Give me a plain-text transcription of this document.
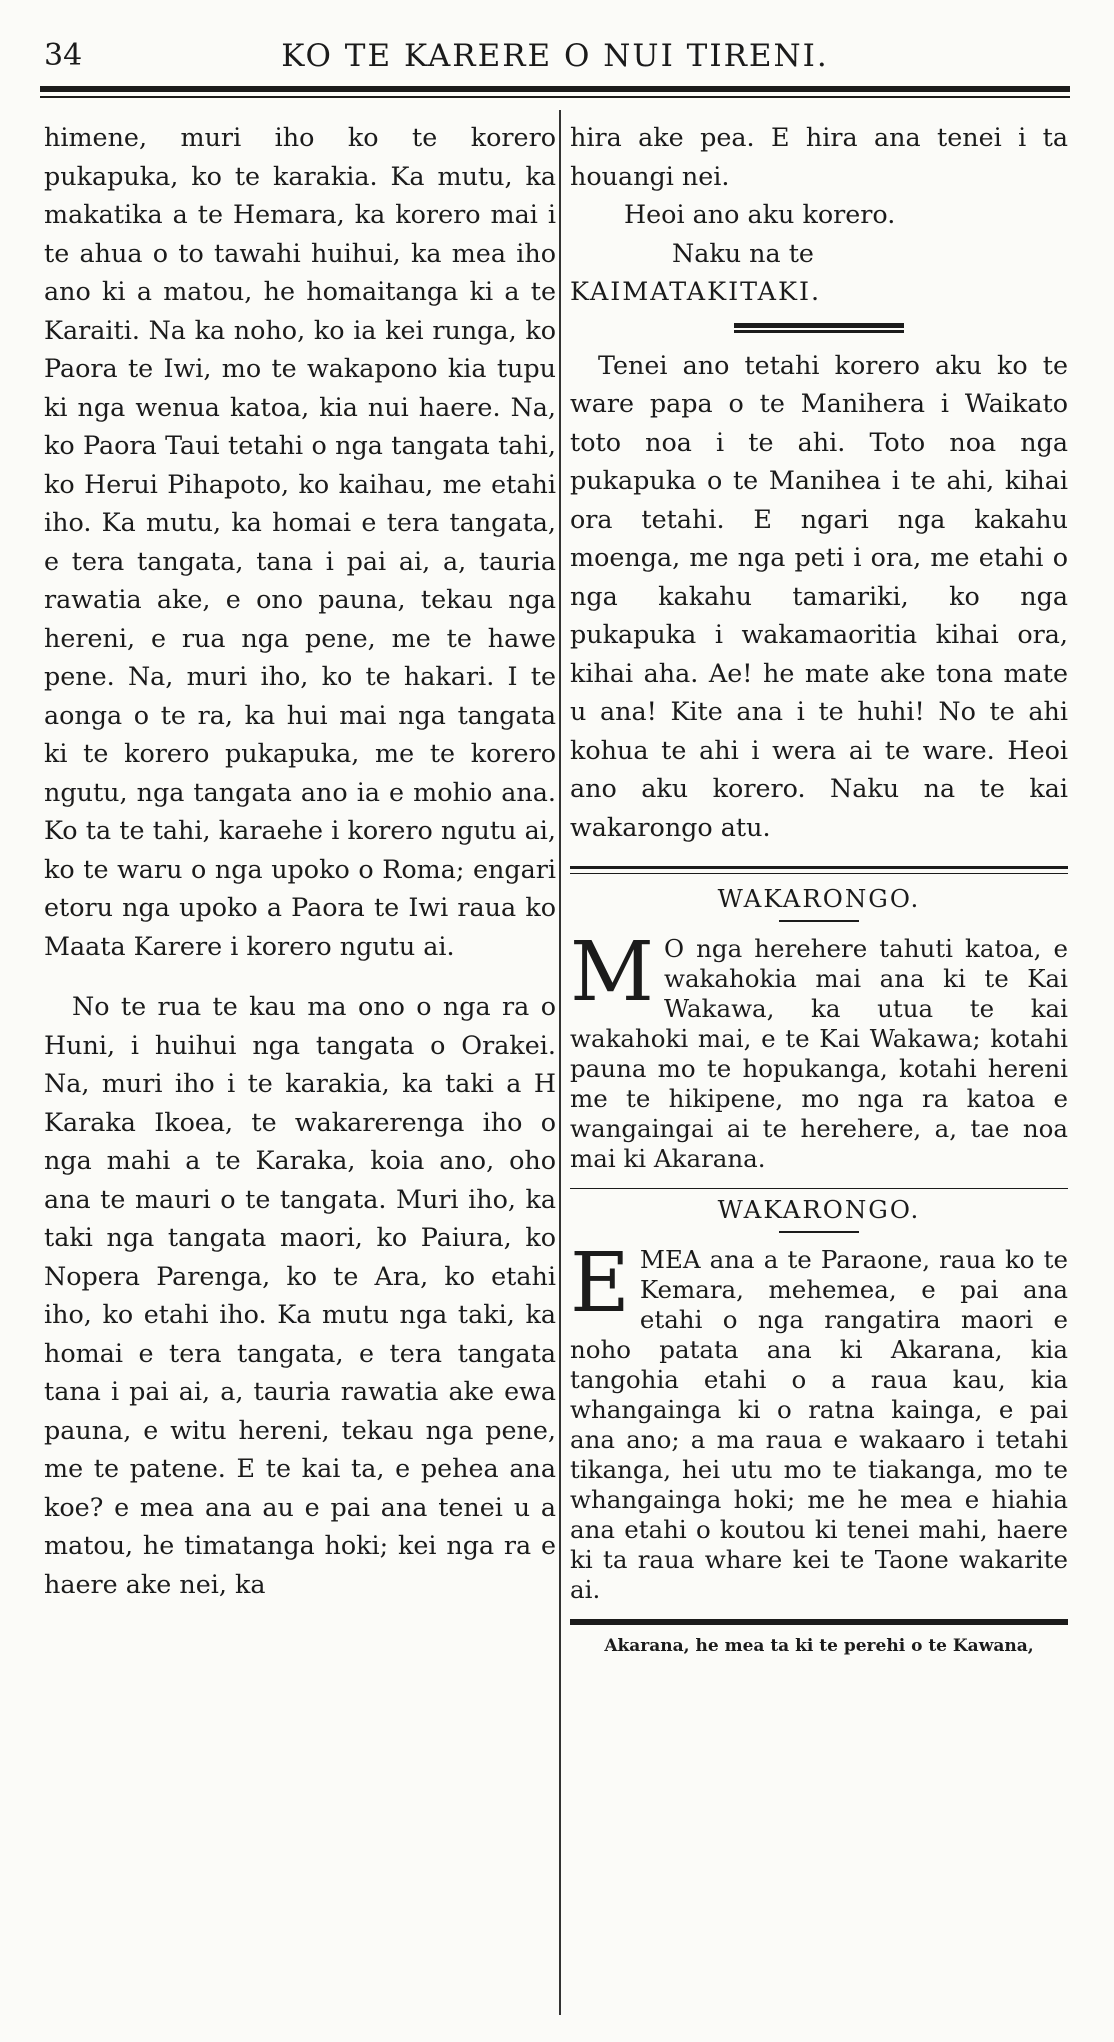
34	KO TE KARERE O NUI TIRENI.

himene, muri iho ko te korero pukapuka, ko te karakia. Ka mutu, ka makatika a te Hemara, ka korero mai i te ahua o to tawahi huihui, ka mea iho ano ki a matou, he homaitanga ki a te Karaiti. Na ka noho, ko ia kei runga, ko Paora te Iwi, mo te wakapono kia tupu ki nga wenua katoa, kia nui haere. Na, ko Paora Taui tetahi o nga tangata tahi, ko Herui Pihapoto, ko kaihau, me etahi iho. Ka mutu, ka homai e tera tangata, e tera tangata, tana i pai ai, a, tauria rawatia ake, e ono pauna, tekau nga hereni, e rua nga pene, me te hawe pene. Na, muri iho, ko te hakari. I te aonga o te ra, ka hui mai nga tangata ki te korero pukapuka, me te korero ngutu, nga tangata ano ia e mohio ana. Ko ta te tahi, karaehe i korero ngutu ai, ko te waru o nga upoko o Roma; engari etoru nga upoko a Paora te Iwi raua ko Maata Karere i korero ngutu ai.

No te rua te kau ma ono o nga ra o Huni, i huihui nga tangata o Orakei. Na, muri iho i te karakia, ka taki a H Karaka Ikoea, te wakarerenga iho o nga mahi a te Karaka, koia ano, oho ana te mauri o te tangata. Muri iho, ka taki nga tangata maori, ko Paiura, ko Nopera Parenga, ko te Ara, ko etahi iho, ko etahi iho. Ka mutu nga taki, ka homai e tera tangata, e tera tangata tana i pai ai, a, tauria rawatia ake ewa pauna, e witu hereni, tekau nga pene, me te patene. E te kai ta, e pehea ana koe? e mea ana au e pai ana tenei u a matou, he timatanga hoki; kei nga ra e haere ake nei, ka

hira ake pea. E hira ana tenei i ta houangi nei.

Heoi ano aku korero.

Naku na te

KAIMATAKITAKI.

Tenei ano tetahi korero aku ko te ware papa o te Manihera i Waikato toto noa i te ahi. Toto noa nga pukapuka o te Manihea i te ahi, kihai ora tetahi. E ngari nga kakahu moenga, me nga peti i ora, me etahi o nga kakahu tamariki, ko nga pukapuka i wakamaoritia kihai ora, kihai aha. Ae! he mate ake tona mate u ana! Kite ana i te huhi! No te ahi kohua te ahi i wera ai te ware. Heoi ano aku korero. Naku na te kai wakarongo atu.

WAKARONGO.

M O nga herehere tahuti katoa, e wakahokia mai ana ki te Kai Wakawa, ka utua te kai wakahoki mai, e te Kai Wakawa; kotahi pauna mo te hopukanga, kotahi hereni me te hikipene, mo nga ra katoa e wangaingai ai te herehere, a, tae noa mai ki Akarana.

WAKARONGO.

E MEA ana a te Paraone, raua ko te Kemara, mehemea, e pai ana etahi o nga rangatira maori e noho patata ana ki Akarana, kia tangohia etahi o a raua kau, kia whangainga ki o ratna kainga, e pai ana ano; a ma raua e wakaaro i tetahi tikanga, hei utu mo te tiakanga, mo te whangainga hoki; me he mea e hiahia ana etahi o koutou ki tenei mahi, haere ki ta raua whare kei te Taone wakarite ai.

Akarana, he mea ta ki te perehi o te Kawana,
